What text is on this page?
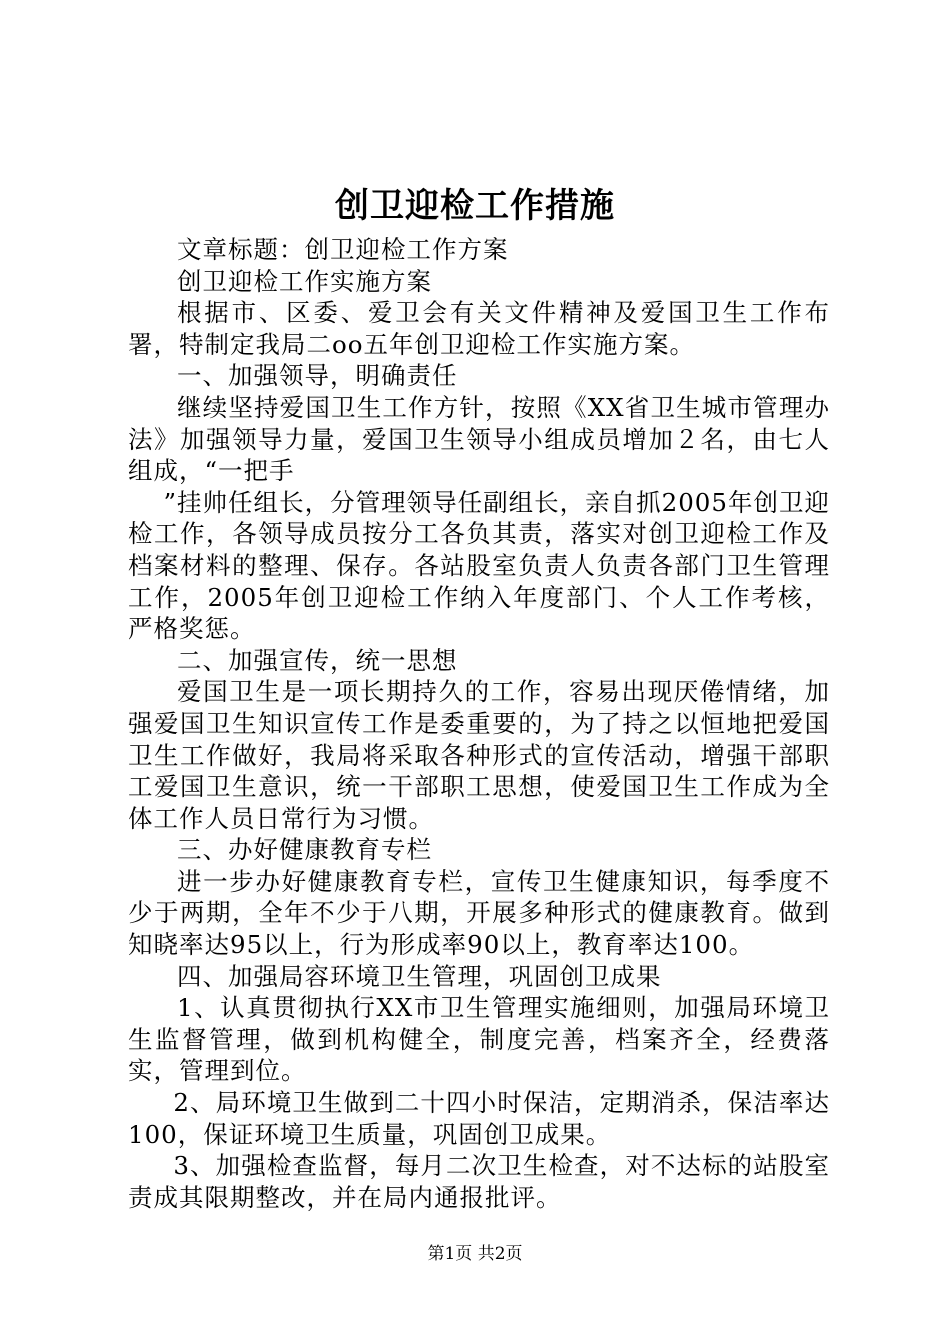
创卫迎检工作措施

文章标题：创卫迎检工作方案

创卫迎检工作实施方案

根据市、区委、爱卫会有关文件精神及爱国卫生工作布署，特制定我局二oo五年创卫迎检工作实施方案。

一、加强领导，明确责任

继续坚持爱国卫生工作方针，按照《XX省卫生城市管理办法》加强领导力量，爱国卫生领导小组成员增加２名，由七人组成，“一把手

”挂帅任组长，分管理领导任副组长，亲自抓2005年创卫迎检工作，各领导成员按分工各负其责，落实对创卫迎检工作及档案材料的整理、保存。各站股室负责人负责各部门卫生管理工作，2005年创卫迎检工作纳入年度部门、个人工作考核，严格奖惩。

二、加强宣传，统一思想

爱国卫生是一项长期持久的工作，容易出现厌倦情绪，加强爱国卫生知识宣传工作是委重要的，为了持之以恒地把爱国卫生工作做好，我局将采取各种形式的宣传活动，增强干部职工爱国卫生意识，统一干部职工思想，使爱国卫生工作成为全体工作人员日常行为习惯。

三、办好健康教育专栏

进一步办好健康教育专栏，宣传卫生健康知识，每季度不少于两期，全年不少于八期，开展多种形式的健康教育。做到知晓率达95以上，行为形成率90以上，教育率达100。

四、加强局容环境卫生管理，巩固创卫成果

1、认真贯彻执行XX市卫生管理实施细则，加强局环境卫生监督管理，做到机构健全，制度完善，档案齐全，经费落实，管理到位。

2、局环境卫生做到二十四小时保洁，定期消杀，保洁率达100，保证环境卫生质量，巩固创卫成果。

3、加强检查监督，每月二次卫生检查，对不达标的站股室责成其限期整改，并在局内通报批评。

第1页 共2页
